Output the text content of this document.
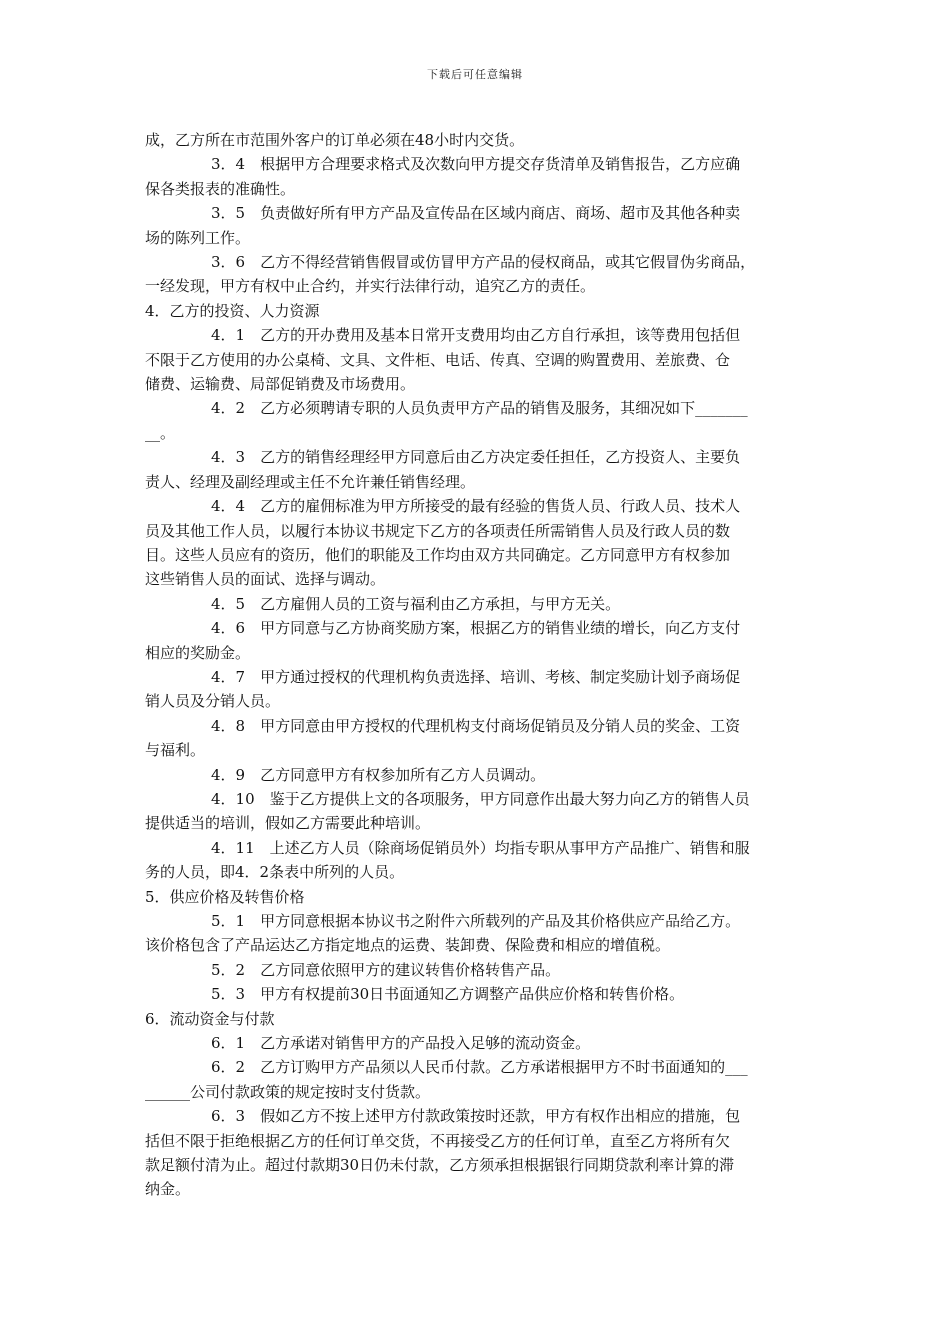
下载后可任意编辑

成，乙方所在市范围外客户的订单必须在48小时内交货。

3．4　根据甲方合理要求格式及次数向甲方提交存货清单及销售报告，乙方应确

保各类报表的准确性。

3．5　负责做好所有甲方产品及宣传品在区域内商店、商场、超市及其他各种卖

场的陈列工作。

3．6　乙方不得经营销售假冒或仿冒甲方产品的侵权商品，或其它假冒伪劣商品，

一经发现，甲方有权中止合约，并实行法律行动，追究乙方的责任。

4．乙方的投资、人力资源

4．1　乙方的开办费用及基本日常开支费用均由乙方自行承担，该等费用包括但

不限于乙方使用的办公桌椅、文具、文件柜、电话、传真、空调的购置费用、差旅费、仓

储费、运输费、局部促销费及市场费用。

4．2　乙方必须聘请专职的人员负责甲方产品的销售及服务，其细况如下_______

__。

4．3　乙方的销售经理经甲方同意后由乙方决定委任担任，乙方投资人、主要负

责人、经理及副经理或主任不允许兼任销售经理。

4．4　乙方的雇佣标准为甲方所接受的最有经验的售货人员、行政人员、技术人

员及其他工作人员，以履行本协议书规定下乙方的各项责任所需销售人员及行政人员的数

目。这些人员应有的资历，他们的职能及工作均由双方共同确定。乙方同意甲方有权参加

这些销售人员的面试、选择与调动。

4．5　乙方雇佣人员的工资与福利由乙方承担，与甲方无关。

4．6　甲方同意与乙方协商奖励方案，根据乙方的销售业绩的增长，向乙方支付

相应的奖励金。

4．7　甲方通过授权的代理机构负责选择、培训、考核、制定奖励计划予商场促

销人员及分销人员。

4．8　甲方同意由甲方授权的代理机构支付商场促销员及分销人员的奖金、工资

与福利。

4．9　乙方同意甲方有权参加所有乙方人员调动。

4．10　鉴于乙方提供上文的各项服务，甲方同意作出最大努力向乙方的销售人员

提供适当的培训，假如乙方需要此种培训。

4．11　上述乙方人员（除商场促销员外）均指专职从事甲方产品推广、销售和服

务的人员，即4．2条表中所列的人员。

5．供应价格及转售价格

5．1　甲方同意根据本协议书之附件六所载列的产品及其价格供应产品给乙方。

该价格包含了产品运达乙方指定地点的运费、装卸费、保险费和相应的增值税。

5．2　乙方同意依照甲方的建议转售价格转售产品。

5．3　甲方有权提前30日书面通知乙方调整产品供应价格和转售价格。

6．流动资金与付款

6．1　乙方承诺对销售甲方的产品投入足够的流动资金。

6．2　乙方订购甲方产品须以人民币付款。乙方承诺根据甲方不时书面通知的___

______公司付款政策的规定按时支付货款。

6．3　假如乙方不按上述甲方付款政策按时还款，甲方有权作出相应的措施，包

括但不限于拒绝根据乙方的任何订单交货，不再接受乙方的任何订单，直至乙方将所有欠

款足额付清为止。超过付款期30日仍未付款，乙方须承担根据银行同期贷款利率计算的滞

纳金。
